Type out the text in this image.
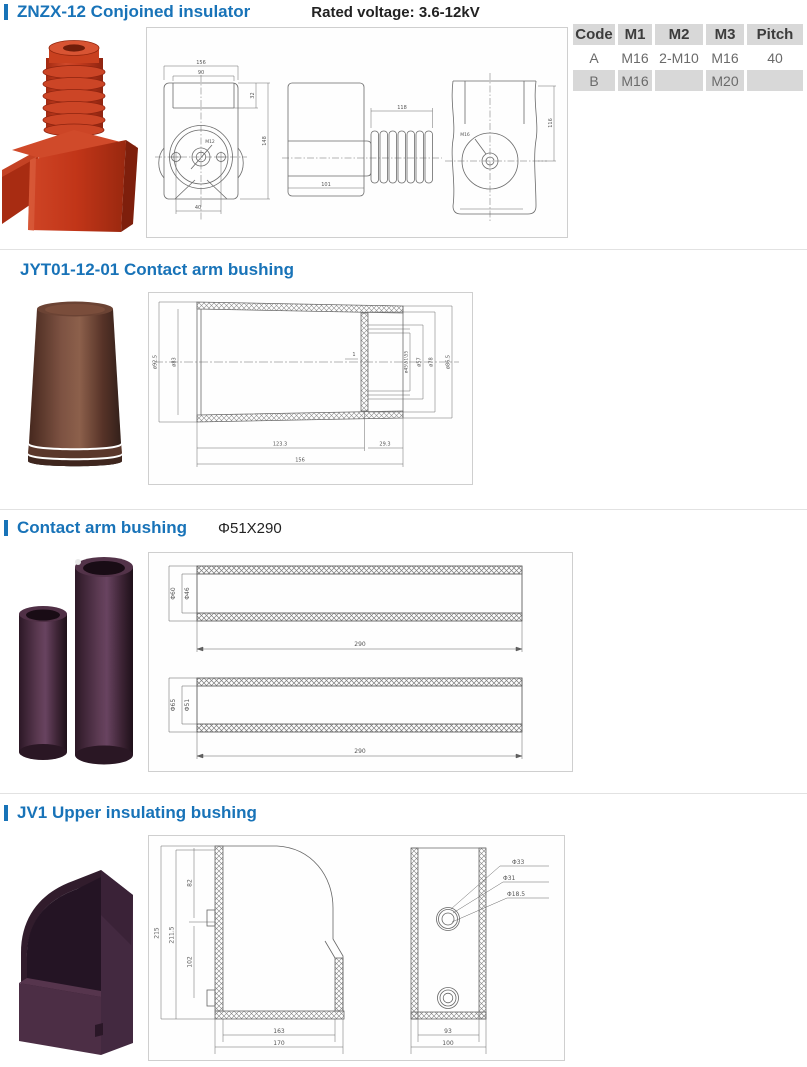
ZNZX-12 Conjoined insulator	Rated voltage: 3.6-12kV
156
90
32
148
40
M12
118
101
M16
116
Code	M1	M2	M3	Pitch
A	M16	2-M10	M16	40
B	M16		M20	
JYT01-12-01 Contact arm bushing
ø92.5	ø83	ø45\51\55 ø57 ø78 ø86.5
1
123.3	29.3
156
Contact arm bushing Φ51X290
Φ60 Φ46
290
Φ65 Φ51
290
JV1 Upper insulating bushing
215 211.5
82
102
163
170
Φ33
Φ31
Φ18.5
93
100
